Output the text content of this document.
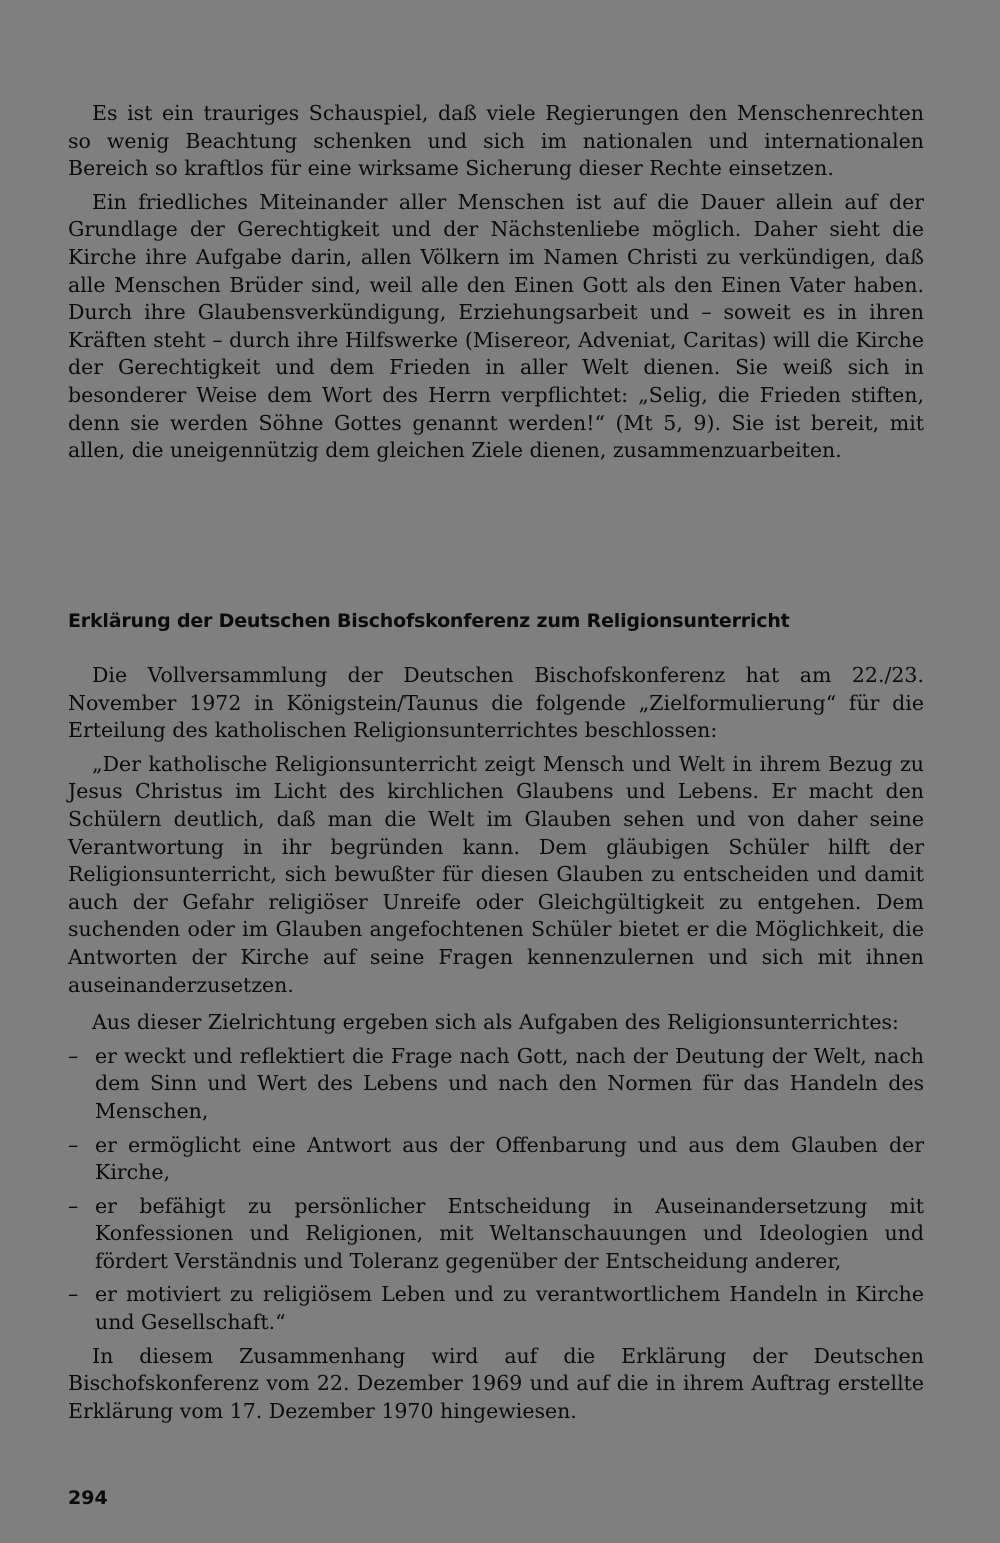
Es ist ein trauriges Schauspiel, daß viele Regierungen den Menschenrechten so wenig Beachtung schenken und sich im nationalen und internationalen Bereich so kraftlos für eine wirksame Sicherung dieser Rechte einsetzen.

Ein friedliches Miteinander aller Menschen ist auf die Dauer allein auf der Grundlage der Gerechtigkeit und der Nächstenliebe möglich. Daher sieht die Kirche ihre Aufgabe darin, allen Völkern im Namen Christi zu verkündigen, daß alle Menschen Brüder sind, weil alle den Einen Gott als den Einen Vater haben. Durch ihre Glaubensverkündigung, Erziehungsarbeit und – soweit es in ihren Kräften steht – durch ihre Hilfswerke (Misereor, Adveniat, Caritas) will die Kirche der Gerechtigkeit und dem Frieden in aller Welt dienen. Sie weiß sich in besonderer Weise dem Wort des Herrn verpflichtet: „Selig, die Frieden stiften, denn sie werden Söhne Gottes genannt werden!“ (Mt 5, 9). Sie ist bereit, mit allen, die uneigennützig dem gleichen Ziele dienen, zusammenzuarbeiten.

Erklärung der Deutschen Bischofskonferenz zum Religionsunterricht

Die Vollversammlung der Deutschen Bischofskonferenz hat am 22./23. November 1972 in Königstein/Taunus die folgende „Zielformulierung“ für die Erteilung des katholischen Religionsunterrichtes beschlossen:

„Der katholische Religionsunterricht zeigt Mensch und Welt in ihrem Bezug zu Jesus Christus im Licht des kirchlichen Glaubens und Lebens. Er macht den Schülern deutlich, daß man die Welt im Glauben sehen und von daher seine Verantwortung in ihr begründen kann. Dem gläubigen Schüler hilft der Religionsunterricht, sich bewußter für diesen Glauben zu entscheiden und damit auch der Gefahr religiöser Unreife oder Gleichgültigkeit zu entgehen. Dem suchenden oder im Glauben angefochtenen Schüler bietet er die Möglichkeit, die Antworten der Kirche auf seine Fragen kennenzulernen und sich mit ihnen auseinanderzusetzen.

Aus dieser Zielrichtung ergeben sich als Aufgaben des Religionsunterrichtes:

– er weckt und reflektiert die Frage nach Gott, nach der Deutung der Welt, nach dem Sinn und Wert des Lebens und nach den Normen für das Handeln des Menschen,
– er ermöglicht eine Antwort aus der Offenbarung und aus dem Glauben der Kirche,
– er befähigt zu persönlicher Entscheidung in Auseinandersetzung mit Konfessionen und Religionen, mit Weltanschauungen und Ideologien und fördert Verständnis und Toleranz gegenüber der Entscheidung anderer,
– er motiviert zu religiösem Leben und zu verantwortlichem Handeln in Kirche und Gesellschaft.“

In diesem Zusammenhang wird auf die Erklärung der Deutschen Bischofskonferenz vom 22. Dezember 1969 und auf die in ihrem Auftrag erstellte Erklärung vom 17. Dezember 1970 hingewiesen.

294
